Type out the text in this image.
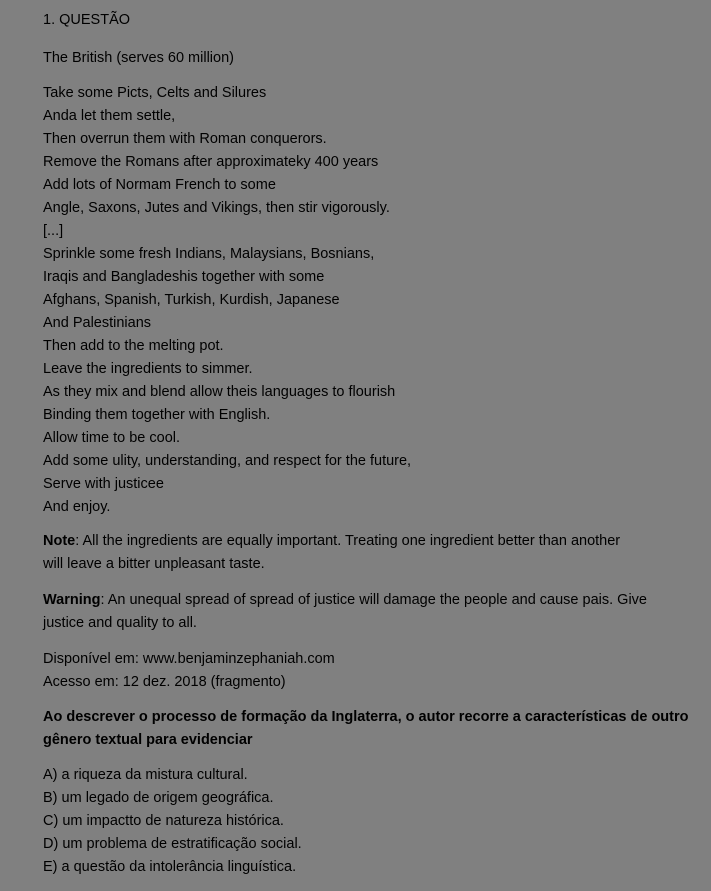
1. QUESTÃO
The British (serves 60 million)
Take some Picts, Celts and Silures
Anda let them settle,
Then overrun them with Roman conquerors.
Remove the Romans after approximateky 400 years
Add lots of Normam French to some
Angle, Saxons, Jutes and Vikings, then stir vigorously.
[...]
Sprinkle some fresh Indians, Malaysians, Bosnians,
Iraqis and Bangladeshis together with some
Afghans, Spanish, Turkish, Kurdish, Japanese
And Palestinians
Then add to the melting pot.
Leave the ingredients to simmer.
As they mix and blend allow theis languages to flourish
Binding them together with English.
Allow time to be cool.
Add some ulity, understanding, and respect for the future,
Serve with justicee
And enjoy.
Note: All the ingredients are equally important. Treating one ingredient better than another
will leave a bitter unpleasant taste.
Warning: An unequal spread of spread of justice will damage the people and cause pais. Give
justice and quality to all.
Disponível em: www.benjaminzephaniah.com
Acesso em: 12 dez. 2018 (fragmento)
Ao descrever o processo de formação da Inglaterra, o autor recorre a características de outro
gênero textual para evidenciar
A) a riqueza da mistura cultural.
B) um legado de origem geográfica.
C) um impactto de natureza histórica.
D) um problema de estratificação social.
E) a questão da intolerância linguística.
